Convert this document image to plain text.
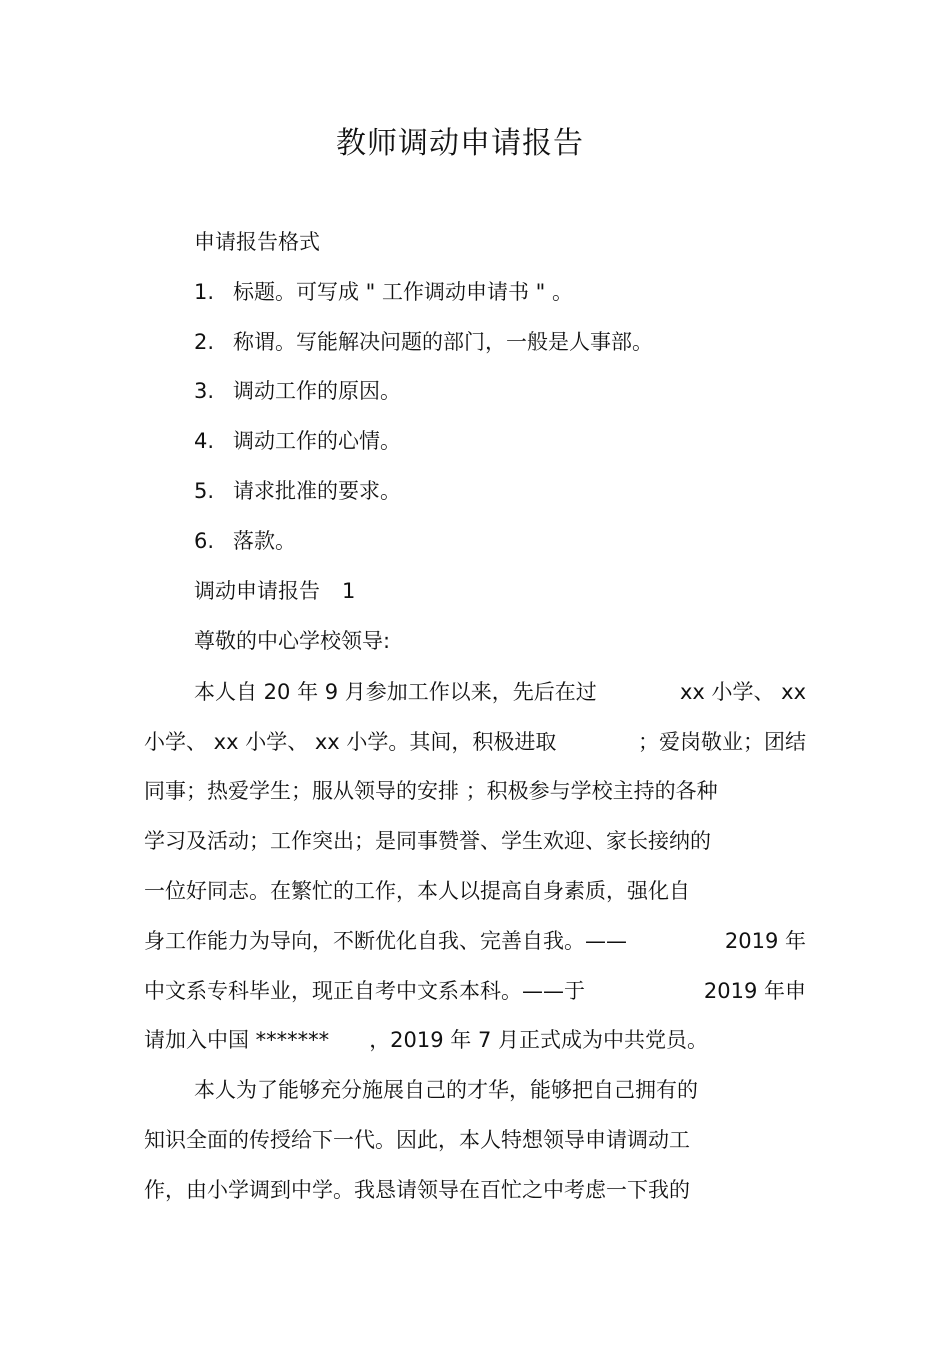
教师调动申请报告
申请报告格式
1. 标题。可写成 " 工作调动申请书 " 。
2. 称谓。写能解决问题的部门，一般是人事部。
3. 调动工作的原因。
4. 调动工作的心情。
5. 请求批准的要求。
6. 落款。
调动申请报告 1
尊敬的中心学校领导:
本人自 20 年 9 月参加工作以来，先后在过	xx 小学、 xx
小学、 xx 小学、 xx 小学。其间，积极进取	；爱岗敬业；团结
同事；热爱学生；服从领导的安排 ；积极参与学校主持的各种
学习及活动；工作突出；是同事赞誉、学生欢迎、家长接纳的
一位好同志。在繁忙的工作，本人以提高自身素质，强化自
身工作能力为导向，不断优化自我、完善自我。——	2019 年
中文系专科毕业，现正自考中文系本科。——于	2019 年申
请加入中国 ******* ，2019 年 7 月正式成为中共党员。
本人为了能够充分施展自己的才华，能够把自己拥有的
知识全面的传授给下一代。因此，本人特想领导申请调动工
作，由小学调到中学。我恳请领导在百忙之中考虑一下我的
